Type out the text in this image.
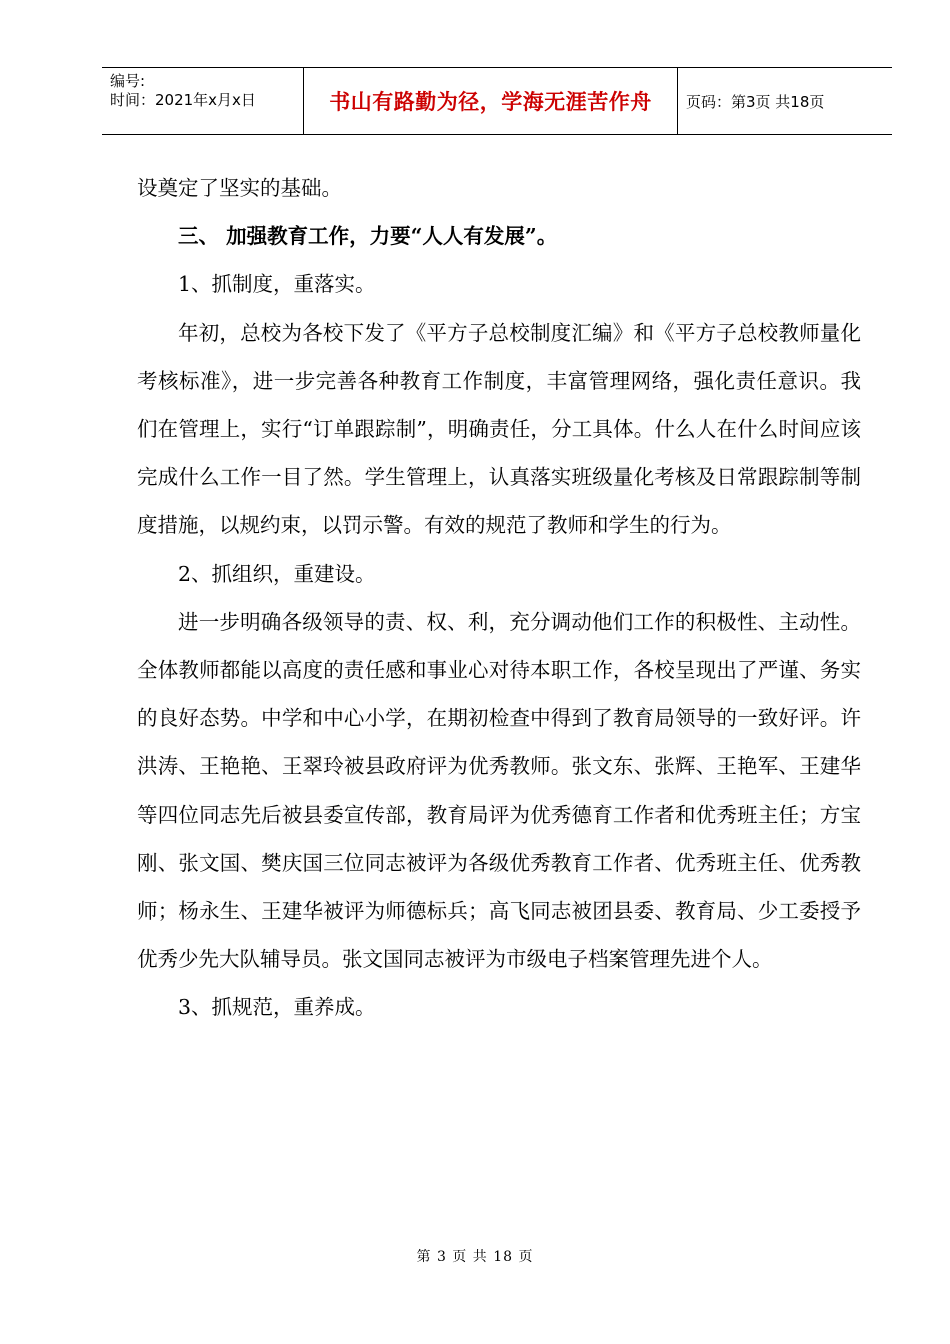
编号:
时间：2021年x月x日	书山有路勤为径，学海无涯苦作舟	页码：第3页 共18页

设奠定了坚实的基础。

三、 加强教育工作，力要“人人有发展”。

1、抓制度，重落实。

年初，总校为各校下发了《平方子总校制度汇编》和《平方子总校教师量化考核标准》，进一步完善各种教育工作制度，丰富管理网络，强化责任意识。我们在管理上，实行“订单跟踪制”，明确责任，分工具体。什么人在什么时间应该完成什么工作一目了然。学生管理上，认真落实班级量化考核及日常跟踪制等制度措施，以规约束，以罚示警。有效的规范了教师和学生的行为。

2、抓组织，重建设。

进一步明确各级领导的责、权、利，充分调动他们工作的积极性、主动性。全体教师都能以高度的责任感和事业心对待本职工作，各校呈现出了严谨、务实的良好态势。中学和中心小学，在期初检查中得到了教育局领导的一致好评。许洪涛、王艳艳、王翠玲被县政府评为优秀教师。张文东、张辉、王艳军、王建华等四位同志先后被县委宣传部，教育局评为优秀德育工作者和优秀班主任；方宝刚、张文国、樊庆国三位同志被评为各级优秀教育工作者、优秀班主任、优秀教师；杨永生、王建华被评为师德标兵；高飞同志被团县委、教育局、少工委授予优秀少先大队辅导员。张文国同志被评为市级电子档案管理先进个人。

3、抓规范，重养成。

第 3 页 共 18 页
